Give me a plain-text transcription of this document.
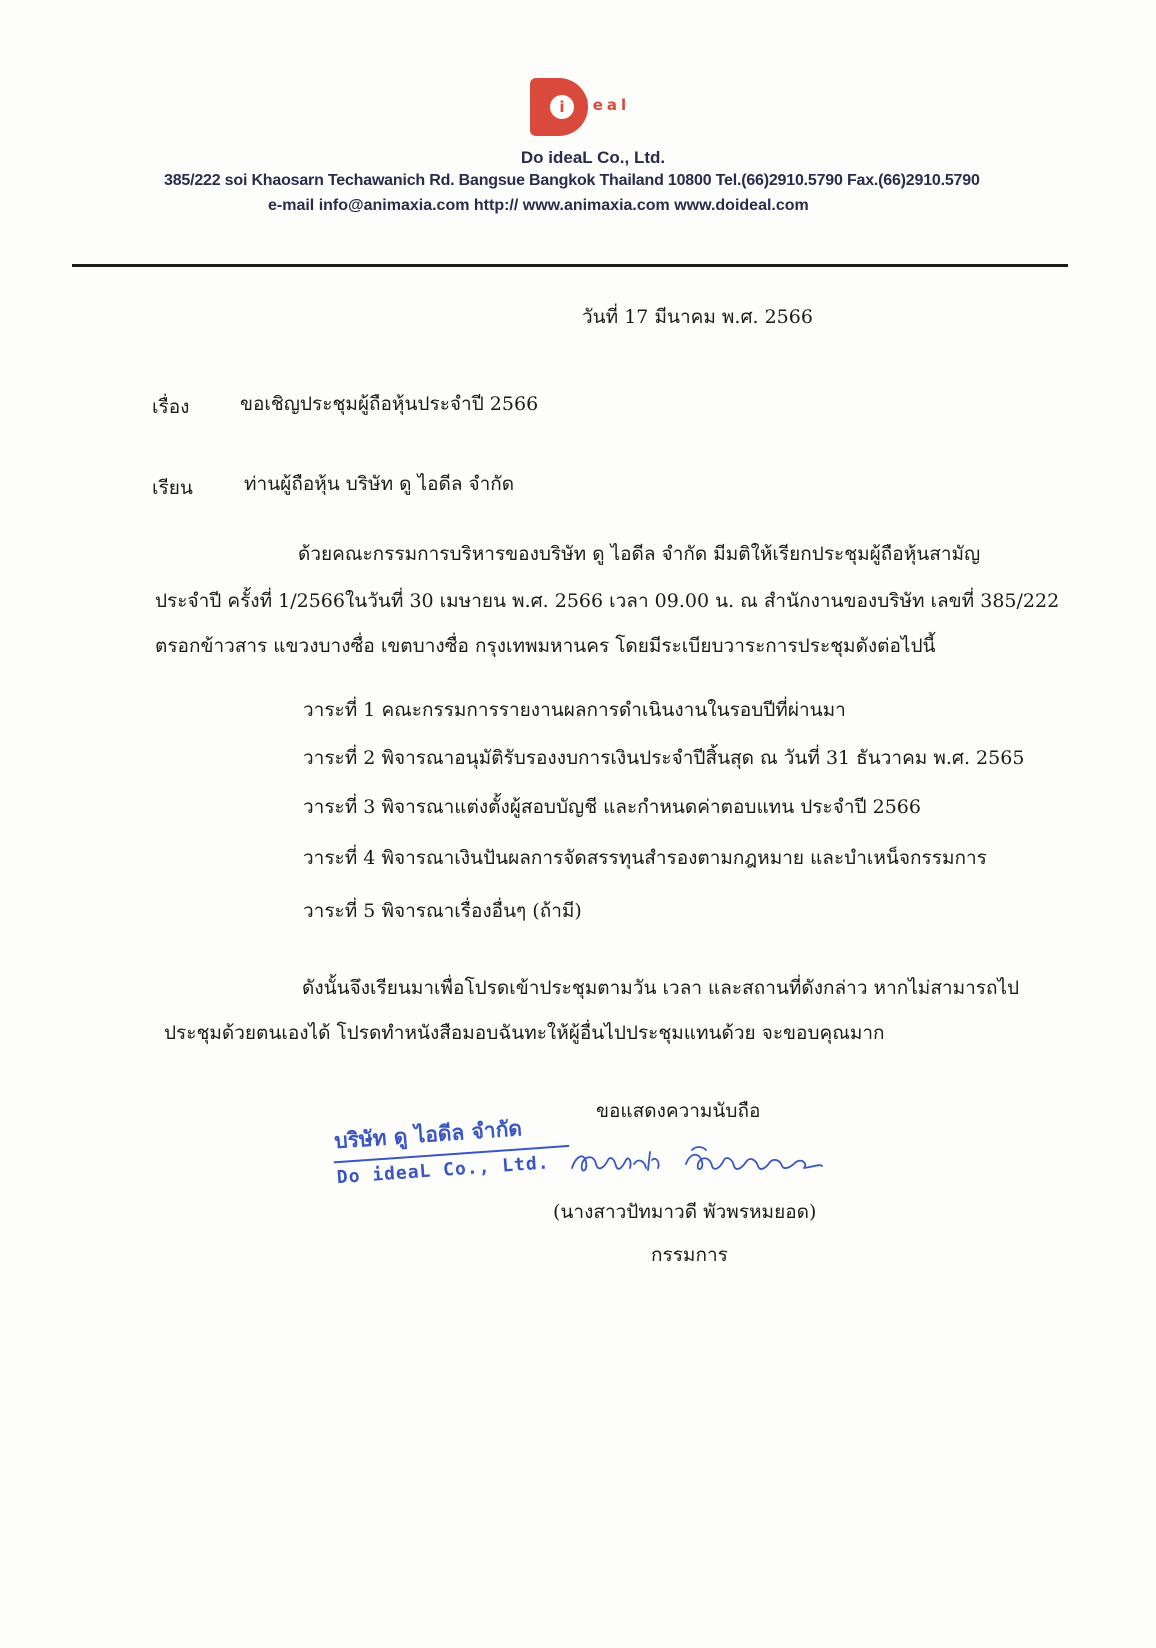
i deal
Do ideaL Co., Ltd.
385/222 soi Khaosarn Techawanich Rd. Bangsue Bangkok Thailand 10800 Tel.(66)2910.5790 Fax.(66)2910.5790
e-mail info@animaxia.com http:// www.animaxia.com www.doideal.com
วันที่ 17 มีนาคม พ.ศ. 2566
เรื่อง	ขอเชิญประชุมผู้ถือหุ้นประจำปี 2566
เรียน	ท่านผู้ถือหุ้น บริษัท ดู ไอดีล จำกัด
ด้วยคณะกรรมการบริหารของบริษัท ดู ไอดีล จำกัด มีมติให้เรียกประชุมผู้ถือหุ้นสามัญ
ประจำปี ครั้งที่ 1/2566ในวันที่ 30 เมษายน พ.ศ. 2566 เวลา 09.00 น. ณ สำนักงานของบริษัท เลขที่ 385/222
ตรอกข้าวสาร แขวงบางซื่อ เขตบางซื่อ กรุงเทพมหานคร โดยมีระเบียบวาระการประชุมดังต่อไปนี้
วาระที่ 1 คณะกรรมการรายงานผลการดำเนินงานในรอบปีที่ผ่านมา
วาระที่ 2 พิจารณาอนุมัติรับรองงบการเงินประจำปีสิ้นสุด ณ วันที่ 31 ธันวาคม พ.ศ. 2565
วาระที่ 3 พิจารณาแต่งตั้งผู้สอบบัญชี และกำหนดค่าตอบแทน ประจำปี 2566
วาระที่ 4 พิจารณาเงินปันผลการจัดสรรทุนสำรองตามกฎหมาย และบำเหน็จกรรมการ
วาระที่ 5 พิจารณาเรื่องอื่นๆ (ถ้ามี)
ดังนั้นจึงเรียนมาเพื่อโปรดเข้าประชุมตามวัน เวลา และสถานที่ดังกล่าว หากไม่สามารถไป
ประชุมด้วยตนเองได้ โปรดทำหนังสือมอบฉันทะให้ผู้อื่นไปประชุมแทนด้วย จะขอบคุณมาก
ขอแสดงความนับถือ
บริษัท ดู ไอดีล จำกัด
Do ideaL Co., Ltd.
(นางสาวปัทมาวดี พัวพรหมยอด)
กรรมการ
